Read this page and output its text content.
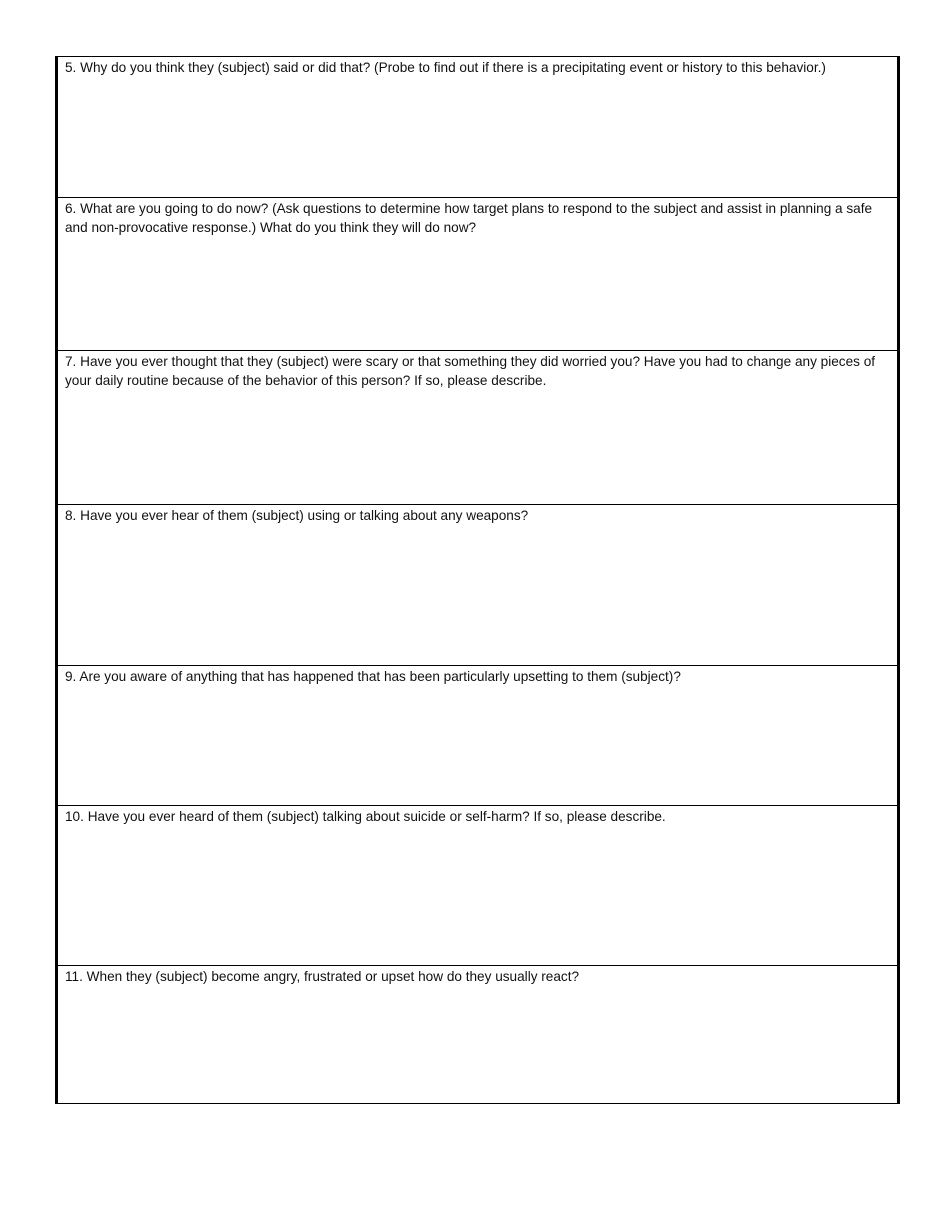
5. Why do you think they (subject) said or did that? (Probe to find out if there is a precipitating event or history to this behavior.)

6. What are you going to do now? (Ask questions to determine how target plans to respond to the subject and assist in planning a safe and non-provocative response.) What do you think they will do now?

7. Have you ever thought that they (subject) were scary or that something they did worried you? Have you had to change any pieces of your daily routine because of the behavior of this person? If so, please describe.

8. Have you ever hear of them (subject) using or talking about any weapons?

9. Are you aware of anything that has happened that has been particularly upsetting to them (subject)?

10. Have you ever heard of them (subject) talking about suicide or self-harm? If so, please describe.

11. When they (subject) become angry, frustrated or upset how do they usually react?
